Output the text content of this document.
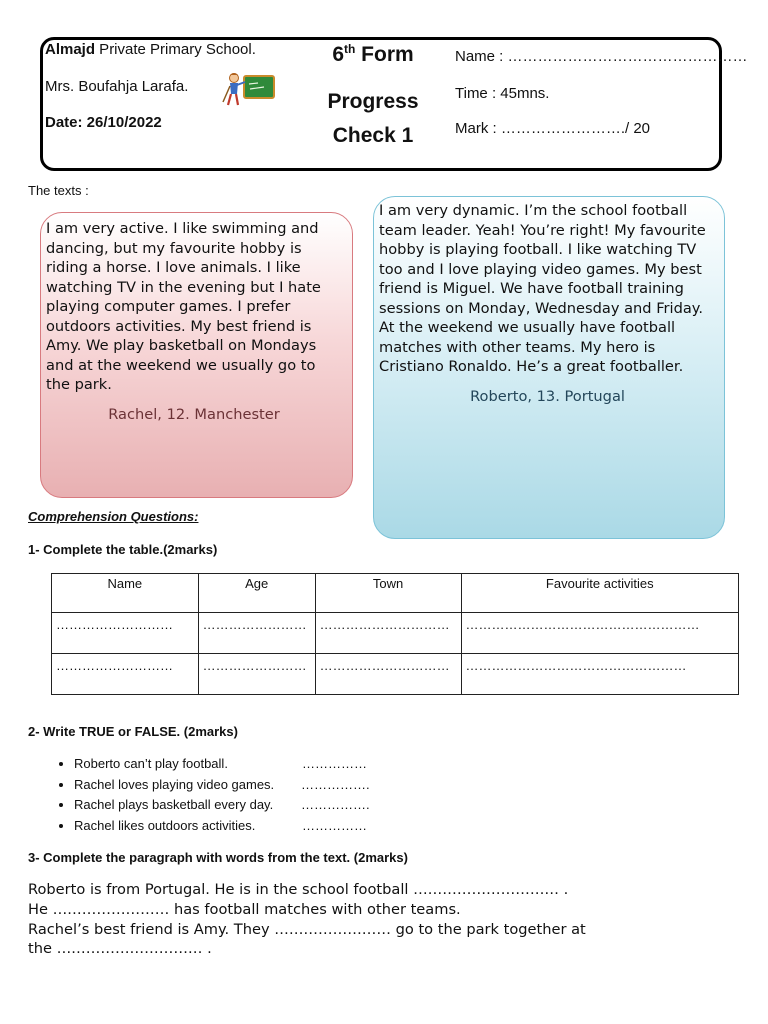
Almajd Private Primary School.
Mrs. Boufahja Larafa.
Date: 26/10/2022
6th Form
Progress
Check 1
Name : …………………………………………
Time : 45mns.
Mark : ……………………./ 20
The texts :
I am very active. I like swimming and dancing, but my favourite hobby is riding a horse. I love animals. I like watching TV in the evening but I hate playing computer games. I prefer outdoors activities. My best friend is Amy. We play basketball on Mondays and at the weekend we usually go to the park.
Rachel, 12. Manchester
I am very dynamic. I’m the school football team leader. Yeah! You’re right! My favourite hobby is playing football. I like watching TV too and I love playing video games. My best friend is Miguel. We have football training sessions on Monday, Wednesday and Friday. At the weekend we usually have football matches with other teams. My hero is Cristiano Ronaldo. He’s a great footballer.
Roberto, 13. Portugal
Comprehension Questions:
1- Complete the table.(2marks)
Name	Age	Town	Favourite activities
………………………	……………………	…………………………	………………………………………………
………………………	……………………	…………………………	……………………………………………
2- Write TRUE or FALSE. (2marks)
• Roberto can’t play football.	……………
• Rachel loves playing video games. …………….
• Rachel plays basketball every day. …………….
• Rachel likes outdoors activities.	……………
3- Complete the paragraph with words from the text. (2marks)
Roberto is from Portugal. He is in the school football ………………………… .
He …………………… has football matches with other teams.
Rachel’s best friend is Amy. They …………………… go to the park together at
the ………………………… .
